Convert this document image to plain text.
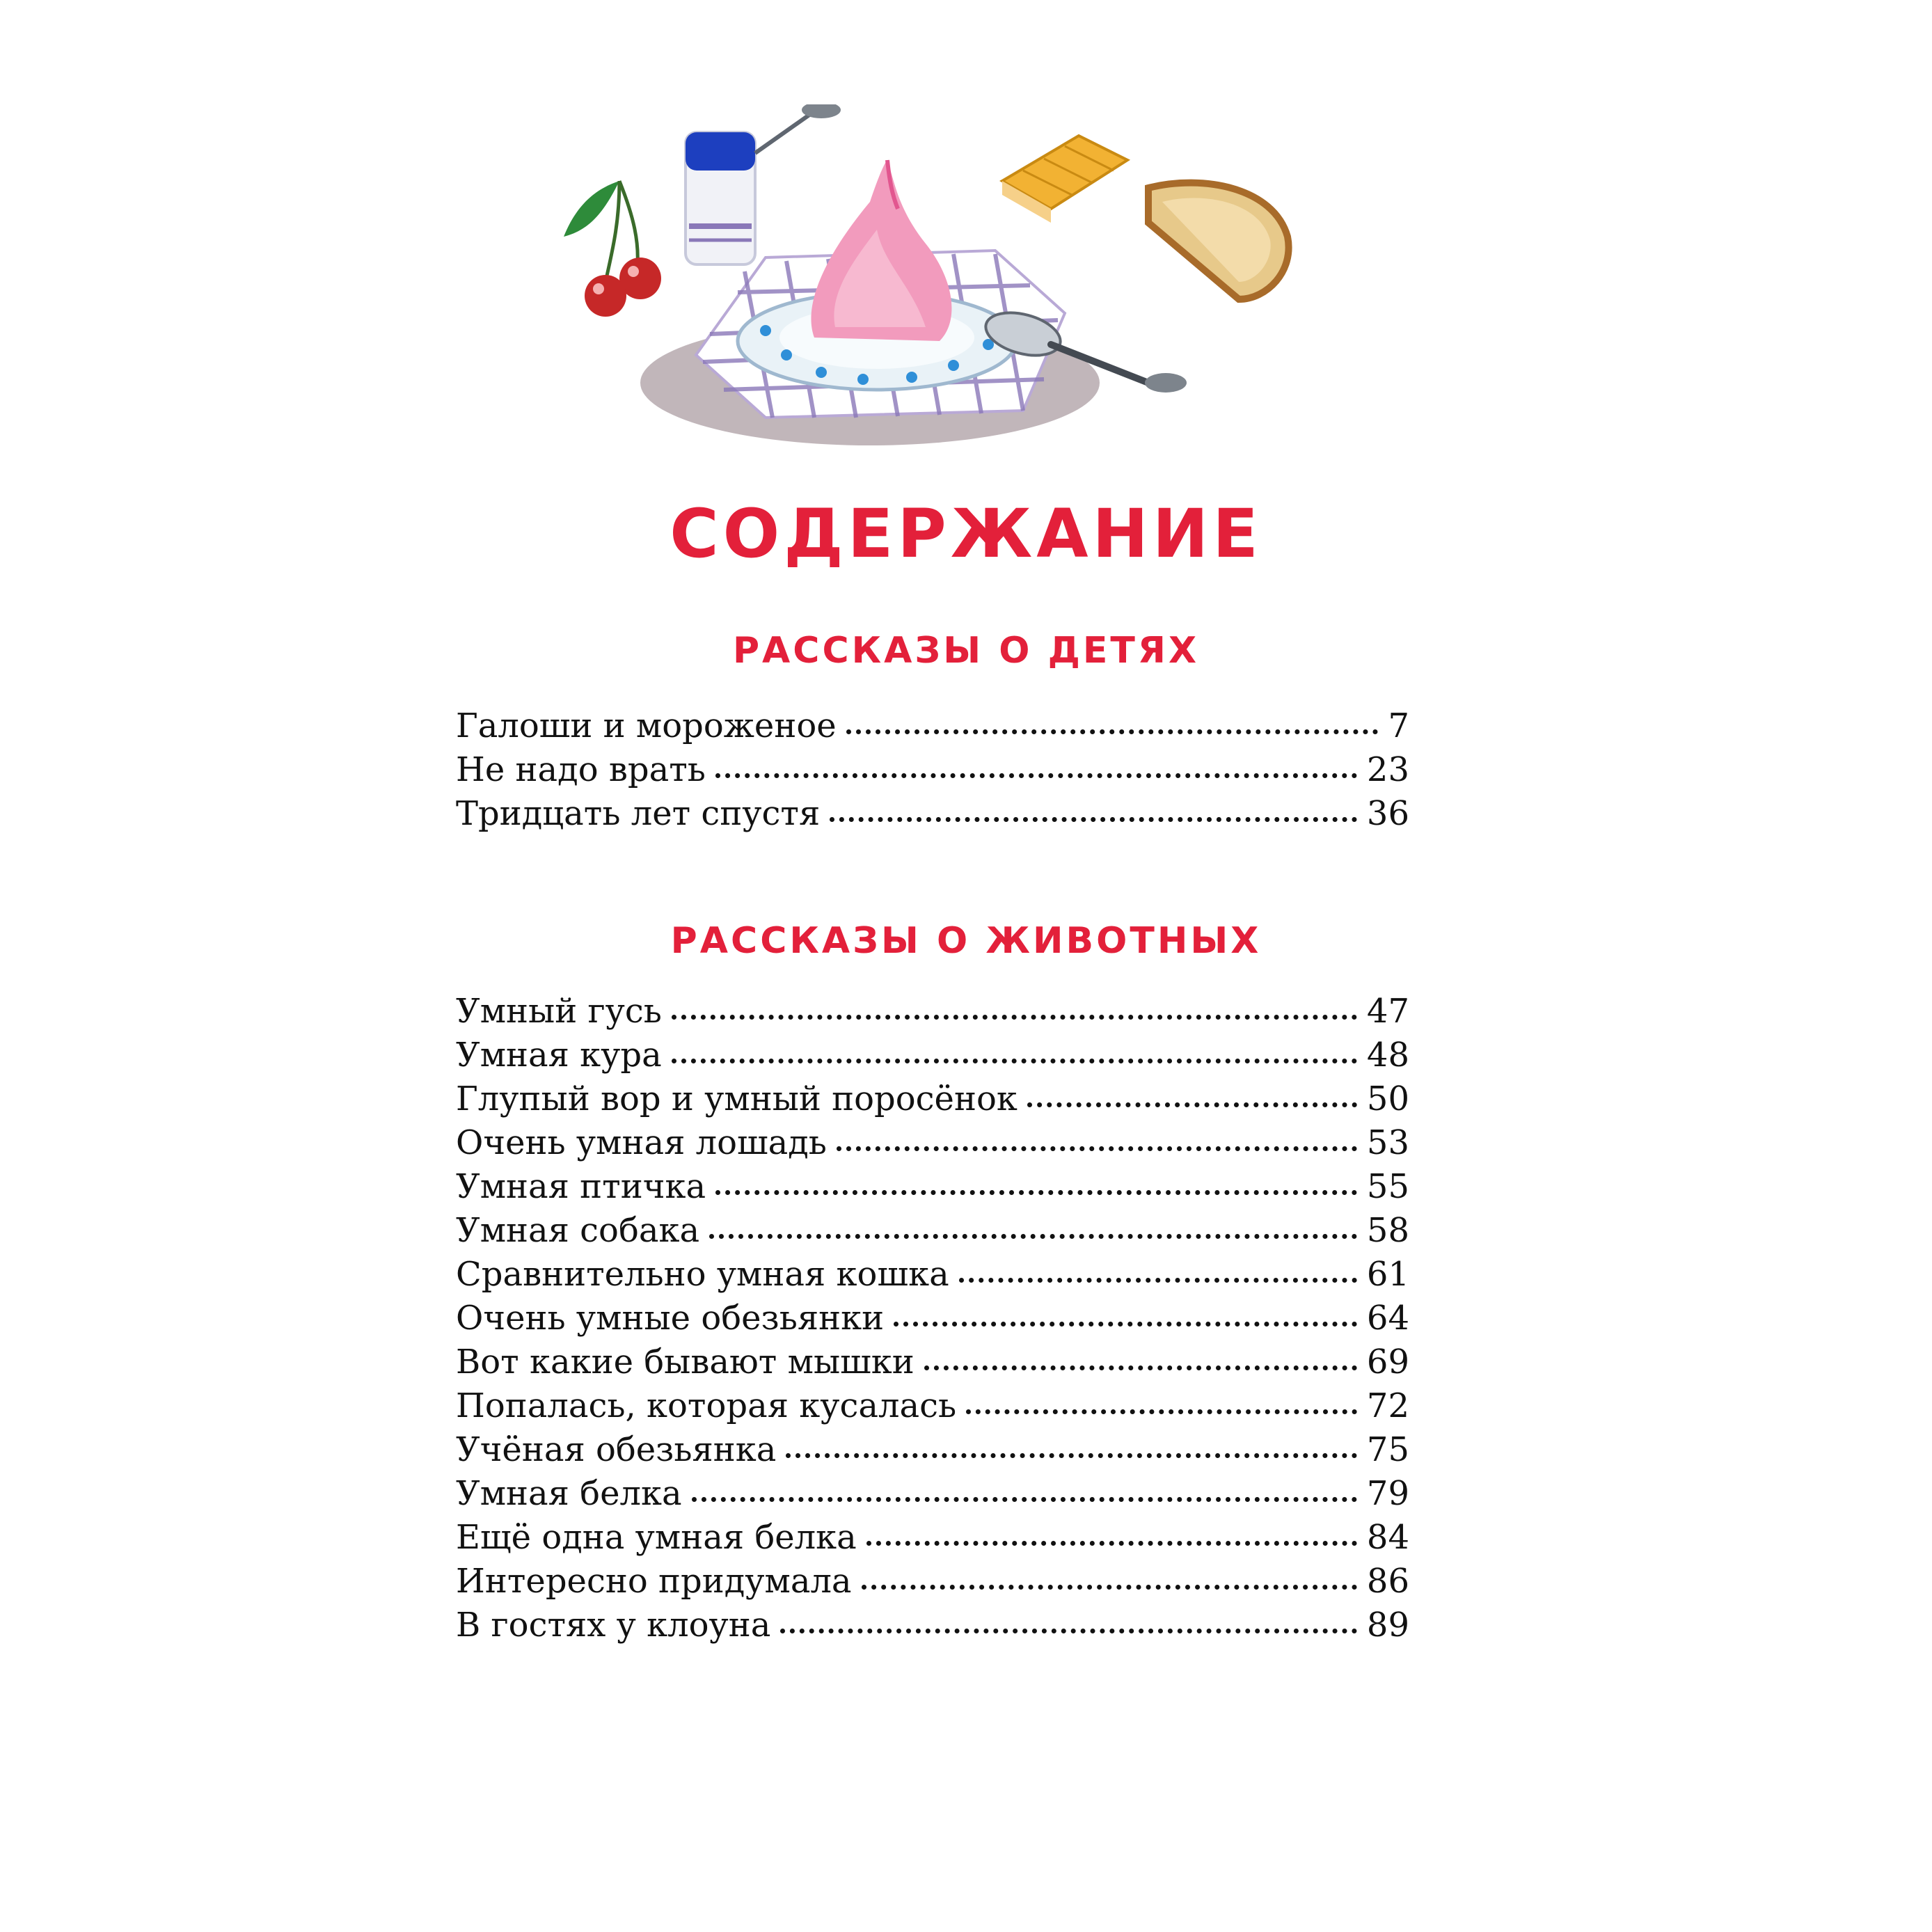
СОДЕРЖАНИЕ
РАССКАЗЫ О ДЕТЯХ
Галоши и мороженое	7
Не надо врать	23
Тридцать лет спустя	36
РАССКАЗЫ О ЖИВОТНЫХ
Умный гусь	47
Умная кура	48
Глупый вор и умный поросёнок	50
Очень умная лошадь	53
Умная птичка	55
Умная собака	58
Сравнительно умная кошка	61
Очень умные обезьянки	64
Вот какие бывают мышки	69
Попалась, которая кусалась	72
Учёная обезьянка	75
Умная белка	79
Ещё одна умная белка	84
Интересно придумала	86
В гостях у клоуна	89
